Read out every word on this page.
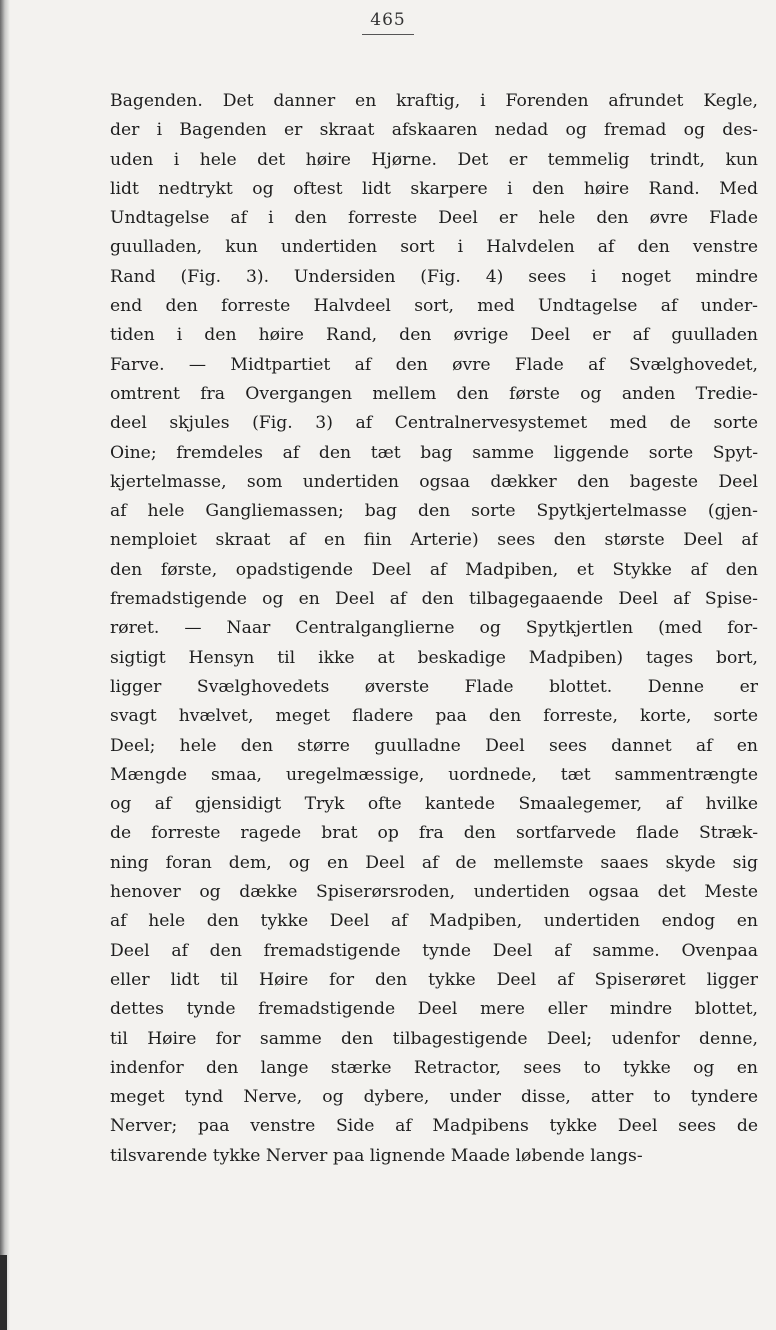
465
Bagenden. Det danner en kraftig, i Forenden afrundet Kegle,
der i Bagenden er skraat afskaaren nedad og fremad og des-
uden i hele det høire Hjørne. Det er temmelig trindt, kun
lidt nedtrykt og oftest lidt skarpere i den høire Rand. Med
Undtagelse af i den forreste Deel er hele den øvre Flade
guulladen, kun undertiden sort i Halvdelen af den venstre
Rand (Fig. 3). Undersiden (Fig. 4) sees i noget mindre
end den forreste Halvdeel sort, med Undtagelse af under-
tiden i den høire Rand, den øvrige Deel er af guulladen
Farve. — Midtpartiet af den øvre Flade af Svælghovedet,
omtrent fra Overgangen mellem den første og anden Tredie-
deel skjules (Fig. 3) af Centralnervesystemet med de sorte
Oine; fremdeles af den tæt bag samme liggende sorte Spyt-
kjertelmasse, som undertiden ogsaa dækker den bageste Deel
af hele Gangliemassen; bag den sorte Spytkjertelmasse (gjen-
nemploiet skraat af en fiin Arterie) sees den største Deel af
den første, opadstigende Deel af Madpiben, et Stykke af den
fremadstigende og en Deel af den tilbagegaaende Deel af Spise-
røret. — Naar Centralganglierne og Spytkjertlen (med for-
sigtigt Hensyn til ikke at beskadige Madpiben) tages bort,
ligger Svælghovedets øverste Flade blottet. Denne er
svagt hvælvet, meget fladere paa den forreste, korte, sorte
Deel; hele den større guulladne Deel sees dannet af en
Mængde smaa, uregelmæssige, uordnede, tæt sammentrængte
og af gjensidigt Tryk ofte kantede Smaalegemer, af hvilke
de forreste ragede brat op fra den sortfarvede flade Stræk-
ning foran dem, og en Deel af de mellemste saaes skyde sig
henover og dække Spiserørsroden, undertiden ogsaa det Meste
af hele den tykke Deel af Madpiben, undertiden endog en
Deel af den fremadstigende tynde Deel af samme. Ovenpaa
eller lidt til Høire for den tykke Deel af Spiserøret ligger
dettes tynde fremadstigende Deel mere eller mindre blottet,
til Høire for samme den tilbagestigende Deel; udenfor denne,
indenfor den lange stærke Retractor, sees to tykke og en
meget tynd Nerve, og dybere, under disse, atter to tyndere
Nerver; paa venstre Side af Madpibens tykke Deel sees de
tilsvarende tykke Nerver paa lignende Maade løbende langs-
